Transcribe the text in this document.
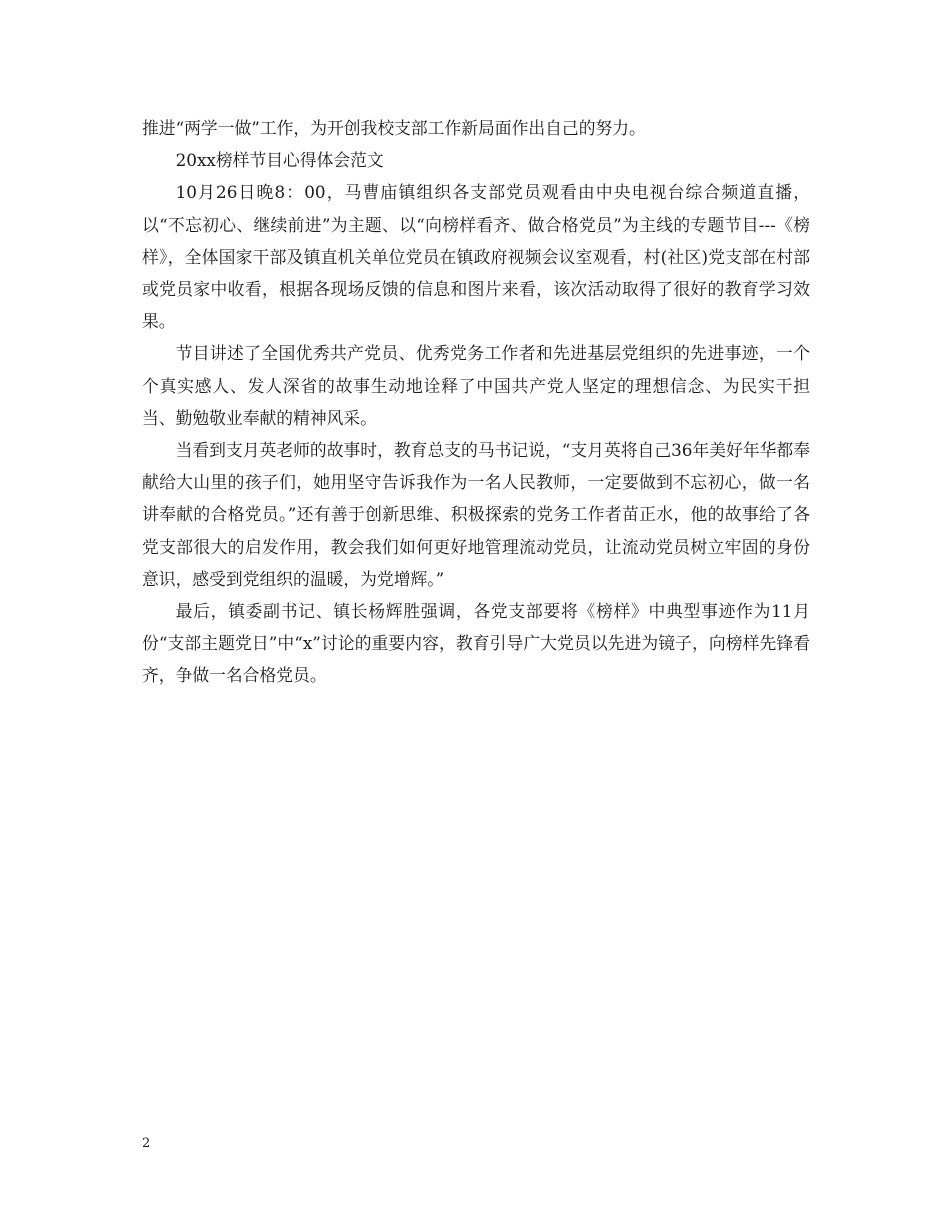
推进“两学一做”工作，为开创我校支部工作新局面作出自己的努力。

20xx榜样节目心得体会范文

10月26日晚8：00，马曹庙镇组织各支部党员观看由中央电视台综合频道直播，以“不忘初心、继续前进”为主题、以“向榜样看齐、做合格党员”为主线的专题节目---《榜样》，全体国家干部及镇直机关单位党员在镇政府视频会议室观看，村(社区)党支部在村部或党员家中收看，根据各现场反馈的信息和图片来看，该次活动取得了很好的教育学习效果。

节目讲述了全国优秀共产党员、优秀党务工作者和先进基层党组织的先进事迹，一个个真实感人、发人深省的故事生动地诠释了中国共产党人坚定的理想信念、为民实干担当、勤勉敬业奉献的精神风采。

当看到支月英老师的故事时，教育总支的马书记说，“支月英将自己36年美好年华都奉献给大山里的孩子们，她用坚守告诉我作为一名人民教师，一定要做到不忘初心，做一名讲奉献的合格党员。”还有善于创新思维、积极探索的党务工作者苗正水，他的故事给了各党支部很大的启发作用，教会我们如何更好地管理流动党员，让流动党员树立牢固的身份意识，感受到党组织的温暖，为党增辉。”

最后，镇委副书记、镇长杨辉胜强调，各党支部要将《榜样》中典型事迹作为11月份“支部主题党日”中“x”讨论的重要内容，教育引导广大党员以先进为镜子，向榜样先锋看齐，争做一名合格党员。

2
